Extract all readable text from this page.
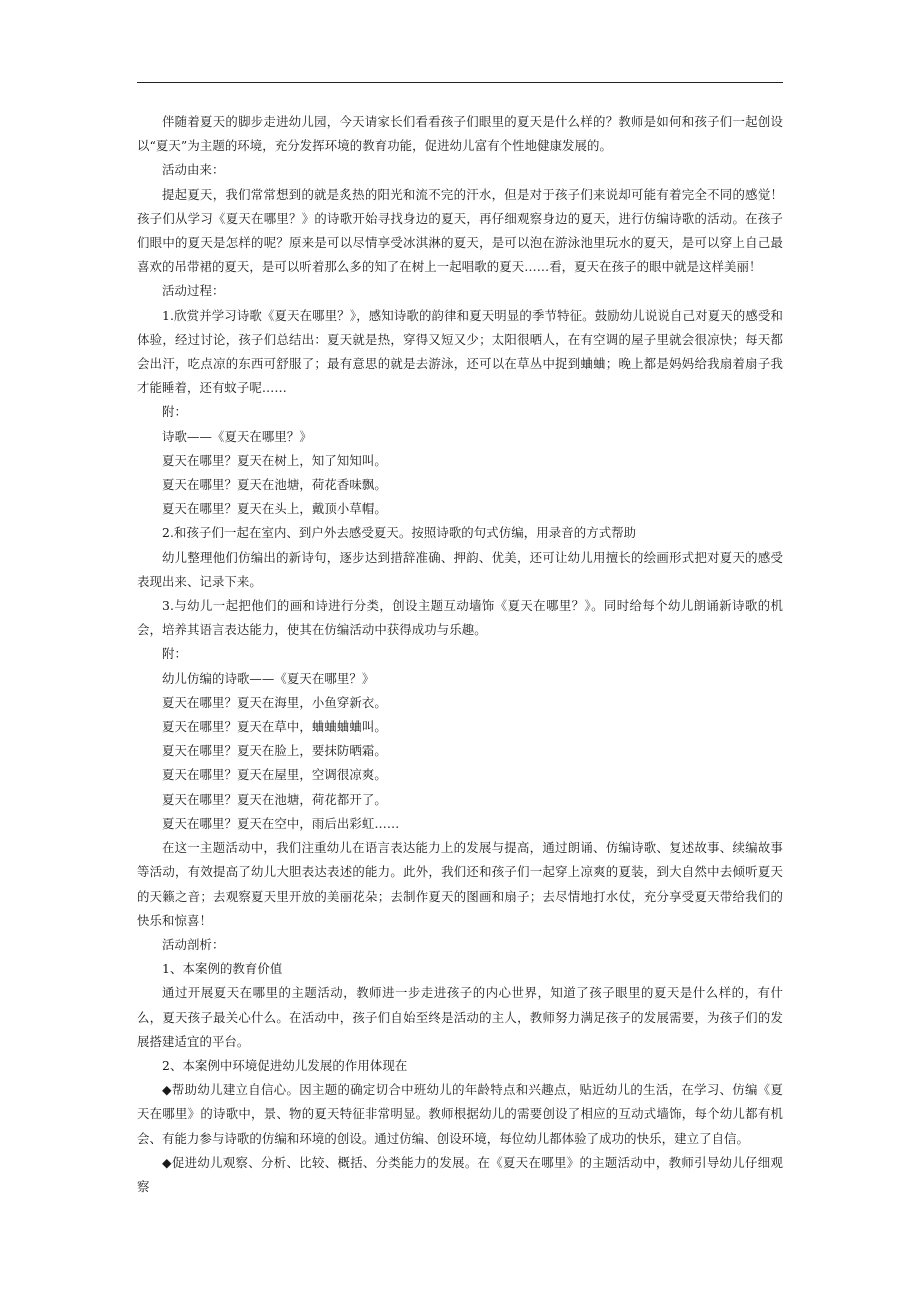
伴随着夏天的脚步走进幼儿园，今天请家长们看看孩子们眼里的夏天是什么样的？教师是如何和孩子们一起创设以“夏天”为主题的环境，充分发挥环境的教育功能，促进幼儿富有个性地健康发展的。

活动由来：

提起夏天，我们常常想到的就是炙热的阳光和流不完的汗水，但是对于孩子们来说却可能有着完全不同的感觉！孩子们从学习《夏天在哪里？》的诗歌开始寻找身边的夏天，再仔细观察身边的夏天，进行仿编诗歌的活动。在孩子们眼中的夏天是怎样的呢？原来是可以尽情享受冰淇淋的夏天，是可以泡在游泳池里玩水的夏天，是可以穿上自己最喜欢的吊带裙的夏天，是可以听着那么多的知了在树上一起唱歌的夏天……看，夏天在孩子的眼中就是这样美丽！

活动过程：

1.欣赏并学习诗歌《夏天在哪里？》，感知诗歌的韵律和夏天明显的季节特征。鼓励幼儿说说自己对夏天的感受和体验，经过讨论，孩子们总结出：夏天就是热，穿得又短又少；太阳很晒人，在有空调的屋子里就会很凉快；每天都会出汗，吃点凉的东西可舒服了；最有意思的就是去游泳，还可以在草丛中捉到蛐蛐；晚上都是妈妈给我扇着扇子我才能睡着，还有蚊子呢……

附：

诗歌——《夏天在哪里？》

夏天在哪里？夏天在树上，知了知知叫。

夏天在哪里？夏天在池塘，荷花香味飘。

夏天在哪里？夏天在头上，戴顶小草帽。

2.和孩子们一起在室内、到户外去感受夏天。按照诗歌的句式仿编，用录音的方式帮助

幼儿整理他们仿编出的新诗句，逐步达到措辞准确、押韵、优美，还可让幼儿用擅长的绘画形式把对夏天的感受表现出来、记录下来。

3.与幼儿一起把他们的画和诗进行分类，创设主题互动墙饰《夏天在哪里？》。同时给每个幼儿朗诵新诗歌的机会，培养其语言表达能力，使其在仿编活动中获得成功与乐趣。

附：

幼儿仿编的诗歌——《夏天在哪里？》

夏天在哪里？夏天在海里，小鱼穿新衣。

夏天在哪里？夏天在草中，蛐蛐蛐蛐叫。

夏天在哪里？夏天在脸上，要抹防晒霜。

夏天在哪里？夏天在屋里，空调很凉爽。

夏天在哪里？夏天在池塘，荷花都开了。

夏天在哪里？夏天在空中，雨后出彩虹……

在这一主题活动中，我们注重幼儿在语言表达能力上的发展与提高，通过朗诵、仿编诗歌、复述故事、续编故事等活动，有效提高了幼儿大胆表达表述的能力。此外，我们还和孩子们一起穿上凉爽的夏装，到大自然中去倾听夏天的天籁之音；去观察夏天里开放的美丽花朵；去制作夏天的图画和扇子；去尽情地打水仗，充分享受夏天带给我们的快乐和惊喜！

活动剖析：

1、本案例的教育价值

通过开展夏天在哪里的主题活动，教师进一步走进孩子的内心世界，知道了孩子眼里的夏天是什么样的，有什么，夏天孩子最关心什么。在活动中，孩子们自始至终是活动的主人，教师努力满足孩子的发展需要，为孩子们的发展搭建适宜的平台。

2、本案例中环境促进幼儿发展的作用体现在

◆帮助幼儿建立自信心。因主题的确定切合中班幼儿的年龄特点和兴趣点，贴近幼儿的生活，在学习、仿编《夏天在哪里》的诗歌中，景、物的夏天特征非常明显。教师根据幼儿的需要创设了相应的互动式墙饰，每个幼儿都有机会、有能力参与诗歌的仿编和环境的创设。通过仿编、创设环境，每位幼儿都体验了成功的快乐，建立了自信。

◆促进幼儿观察、分析、比较、概括、分类能力的发展。在《夏天在哪里》的主题活动中，教师引导幼儿仔细观察
